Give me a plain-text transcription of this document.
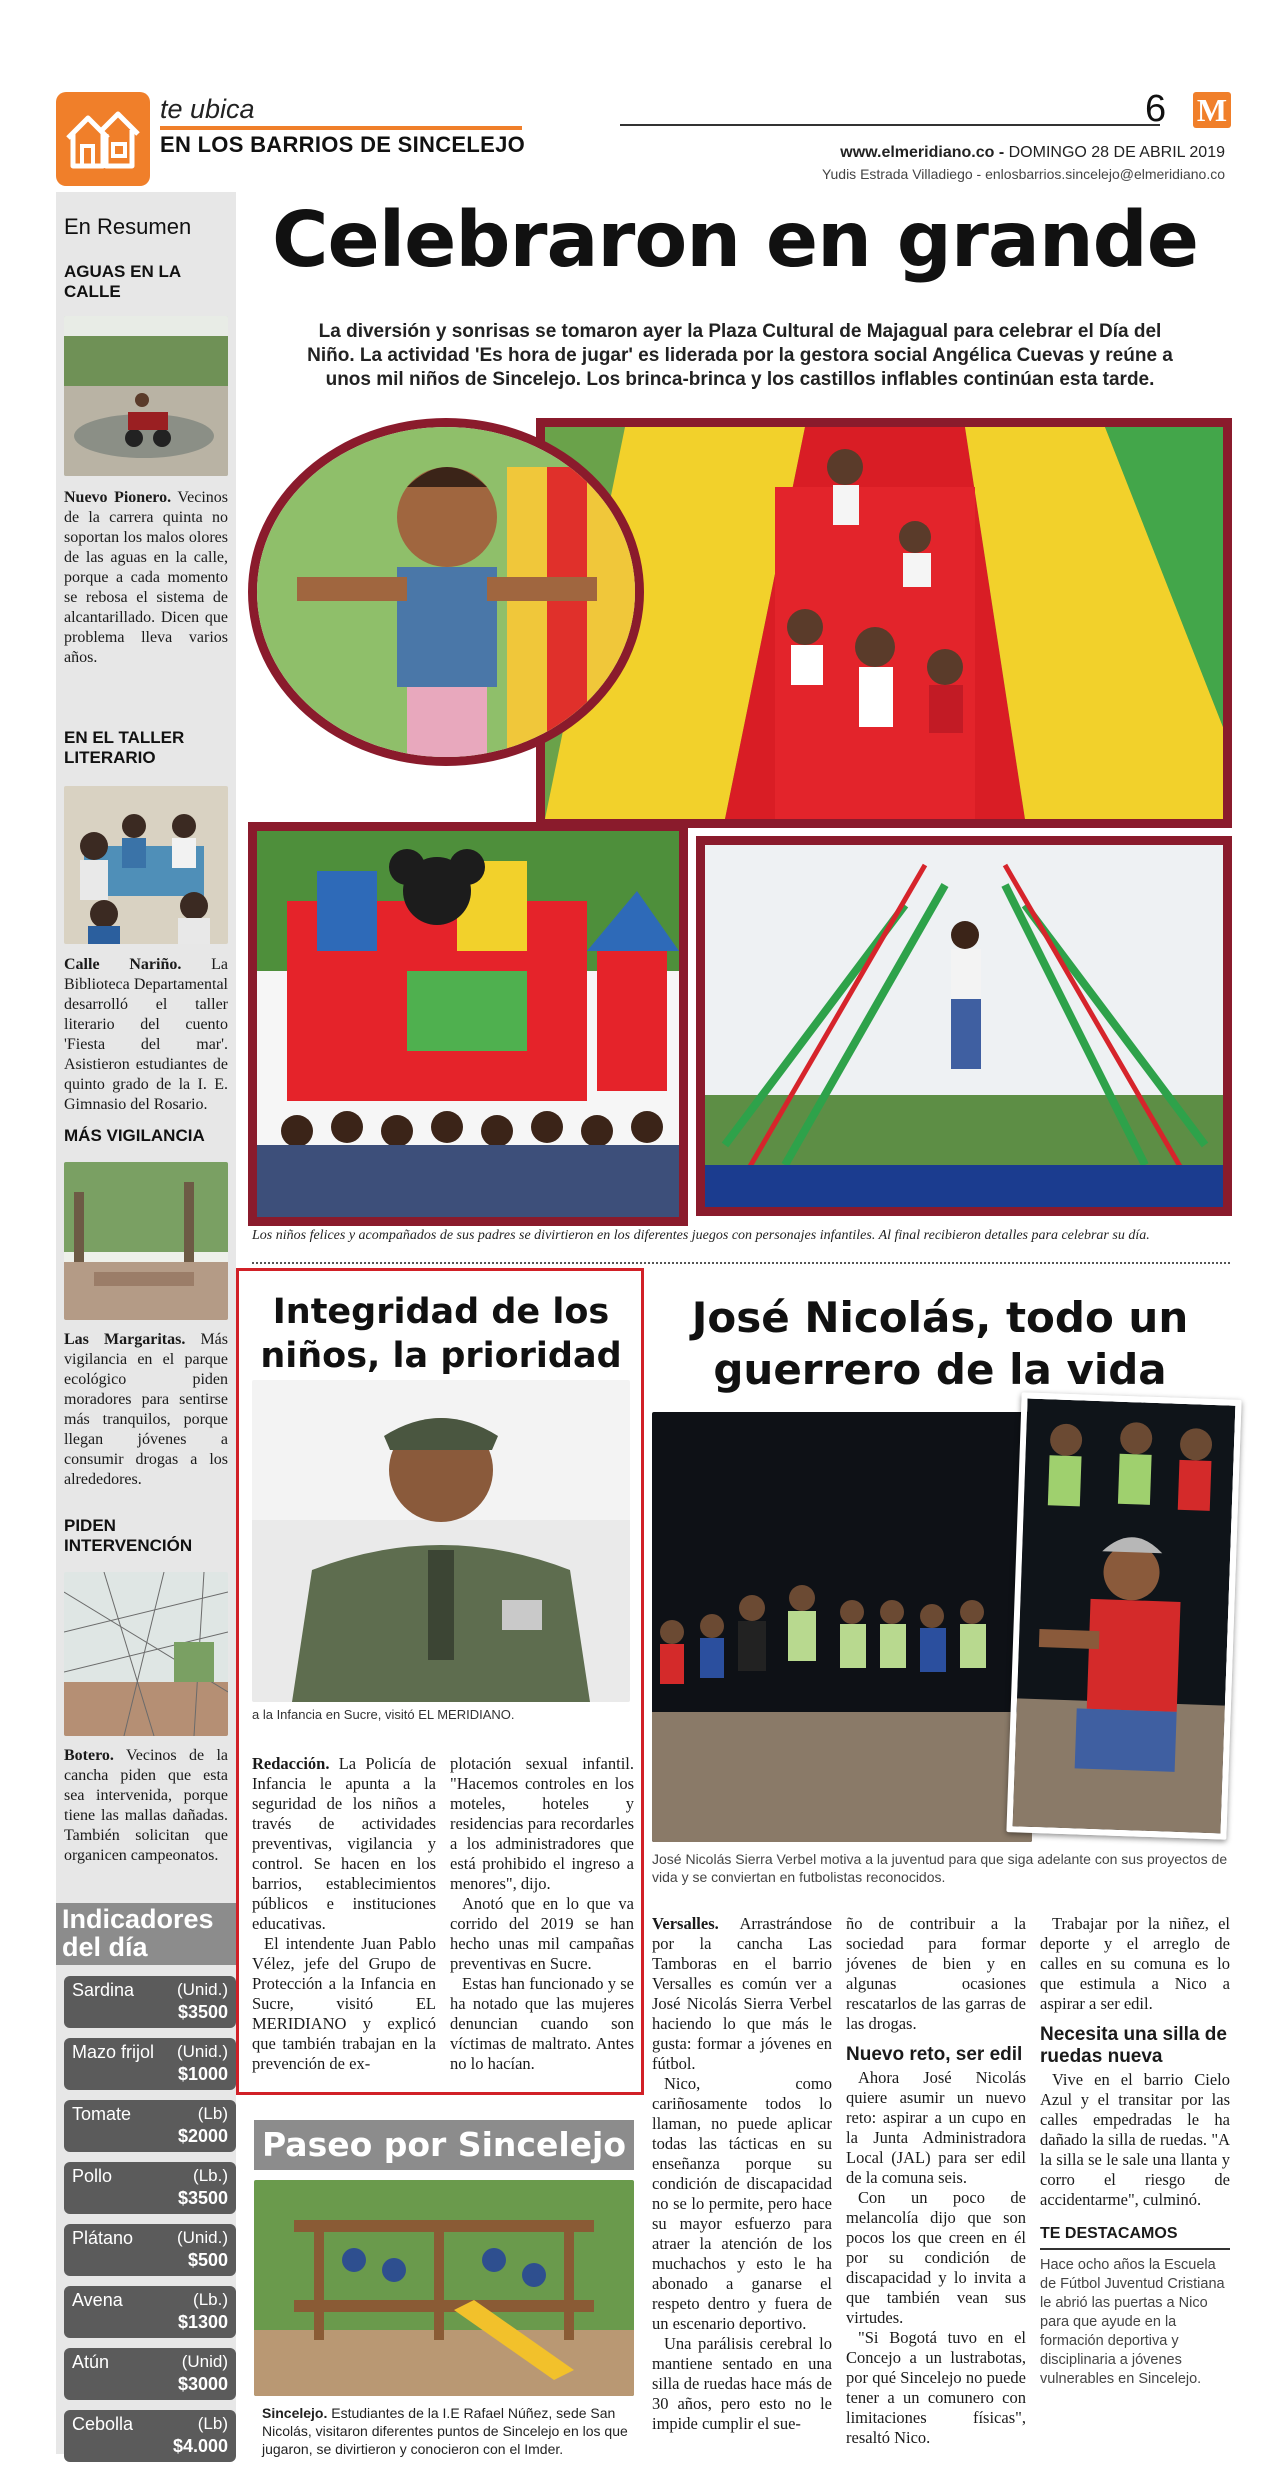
te ubica
EN LOS BARRIOS DE SINCELEJO
6 M
www.elmeridiano.co - DOMINGO 28 DE ABRIL 2019
Yudis Estrada Villadiego - enlosbarrios.sincelejo@elmeridiano.co
En Resumen
AGUAS EN LA CALLE
Nuevo Pionero. Vecinos de la carrera quinta no soportan los malos olores de las aguas en la calle, porque a cada momento se rebosa el sistema de alcantarillado. Dicen que problema lleva varios años.
EN EL TALLER LITERARIO
Calle Nariño. La Biblioteca Departamental desarrolló el taller literario del cuento 'Fiesta del mar'. Asistieron estudiantes de quinto grado de la I. E. Gimnasio del Rosario.
MÁS VIGILANCIA
Las Margaritas. Más vigilancia en el parque ecológico piden moradores para sentirse más tranquilos, porque llegan jóvenes a consumir drogas a los alrededores.
PIDEN INTERVENCIÓN
Botero. Vecinos de la cancha piden que esta sea intervenida, porque tiene las mallas dañadas. También solicitan que organicen campeonatos.
Indicadores del día
Sardina	(Unid.)
$3500
Mazo frijol (Unid.)
$1000
Tomate	(Lb)
$2000
Pollo	(Lb.)
$3500
Plátano	(Unid.)
$500
Avena	(Lb.)
$1300
Atún	(Unid)
$3000
Cebolla	(Lb)
$4.000
Celebraron en grande
La diversión y sonrisas se tomaron ayer la Plaza Cultural de Majagual para celebrar el Día del Niño. La actividad 'Es hora de jugar' es liderada por la gestora social Angélica Cuevas y reúne a unos mil niños de Sincelejo. Los brinca-brinca y los castillos inflables continúan esta tarde.
Los niños felices y acompañados de sus padres se divirtieron en los diferentes juegos con personajes infantiles. Al final recibieron detalles para celebrar su día.
Integridad de los niños, la prioridad
a la Infancia en Sucre, visitó EL MERIDIANO.

Redacción. La Policía de Infancia le apunta a la seguridad de los niños a través de actividades preventivas, vigilancia y control. Se hacen en los barrios, establecimientos públicos e instituciones educativas.

El intendente Juan Pablo Vélez, jefe del Grupo de Protección a la Infancia en Sucre, visitó EL MERIDIANO y explicó que también trabajan en la prevención de ex-

plotación sexual infantil. "Hacemos controles en los moteles, hoteles y residencias para recordarles a los administradores que está prohibido el ingreso a menores", dijo.

Anotó que en lo que va corrido del 2019 se han hecho unas mil campañas preventivas en Sucre.

Estas han funcionado y se ha notado que las mujeres denuncian cuando son víctimas de maltrato. Antes no lo hacían.

Paseo por Sincelejo
Sincelejo. Estudiantes de la I.E Rafael Núñez, sede San Nicolás, visitaron diferentes puntos de Sincelejo en los que jugaron, se divirtieron y conocieron con el Imder.
José Nicolás, todo un guerrero de la vida
José Nicolás Sierra Verbel motiva a la juventud para que siga adelante con sus proyectos de vida y se conviertan en futbolistas reconocidos.

Versalles. Arrastrándose por la cancha Las Tamboras en el barrio Versalles es común ver a José Nicolás Sierra Verbel haciendo lo que más le gusta: formar a jóvenes en fútbol.

Nico, como cariñosamente todos lo llaman, no puede aplicar todas las tácticas en su enseñanza porque su condición de discapacidad no se lo permite, pero hace su mayor esfuerzo para atraer la atención de los muchachos y esto le ha abonado a ganarse el respeto dentro y fuera de un escenario deportivo.

Una parálisis cerebral lo mantiene sentado en una silla de ruedas hace más de 30 años, pero esto no le impide cumplir el sue-

ño de contribuir a la sociedad para formar jóvenes de bien y en algunas ocasiones rescatarlos de las garras de las drogas.

Nuevo reto, ser edil

Ahora José Nicolás quiere asumir un nuevo reto: aspirar a un cupo en la Junta Administradora Local (JAL) para ser edil de la comuna seis.

Con un poco de melancolía dijo que son pocos los que creen en él por su condición de discapacidad y lo invita a que también vean sus virtudes.

"Si Bogotá tuvo en el Concejo a un lustrabotas, por qué Sincelejo no puede tener a un comunero con limitaciones físicas", resaltó Nico.

Trabajar por la niñez, el deporte y el arreglo de calles en su comuna es lo que estimula a Nico a aspirar a ser edil.

Necesita una silla de ruedas nueva

Vive en el barrio Cielo Azul y el transitar por las calles empedradas le ha dañado la silla de ruedas. "A la silla se le sale una llanta y corro el riesgo de accidentarme", culminó.

TE DESTACAMOS
Hace ocho años la Escuela de Fútbol Juventud Cristiana le abrió las puertas a Nico para que ayude en la formación deportiva y disciplinaria a jóvenes vulnerables en Sincelejo.
